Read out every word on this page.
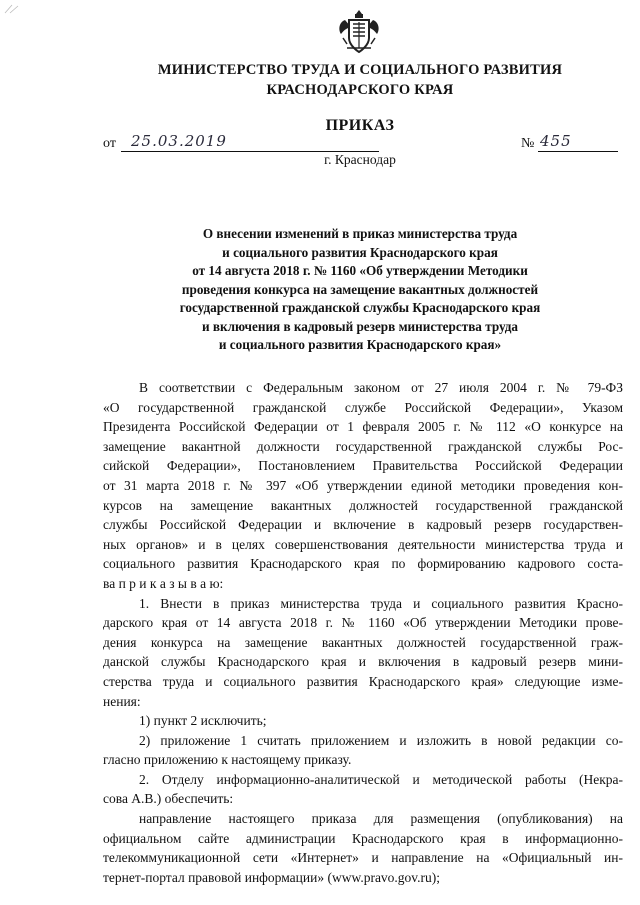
МИНИСТЕРСТВО ТРУДА И СОЦИАЛЬНОГО РАЗВИТИЯ
КРАСНОДАРСКОГО КРАЯ
ПРИКАЗ
от 25.03.2019	№ 455
г. Краснодар
О внесении изменений в приказ министерства труда
и социального развития Краснодарского края
от 14 августа 2018 г. № 1160 «Об утверждении Методики
проведения конкурса на замещение вакантных должностей
государственной гражданской службы Краснодарского края
и включения в кадровый резерв министерства труда
и социального развития Краснодарского края»
В соответствии с Федеральным законом от 27 июля 2004 г. № 79-ФЗ
«О государственной гражданской службе Российской Федерации», Указом
Президента Российской Федерации от 1 февраля 2005 г. № 112 «О конкурсе на
замещение вакантной должности государственной гражданской службы Рос-
сийской Федерации», Постановлением Правительства Российской Федерации
от 31 марта 2018 г. № 397 «Об утверждении единой методики проведения кон-
курсов на замещение вакантных должностей государственной гражданской
службы Российской Федерации и включение в кадровый резерв государствен-
ных органов» и в целях совершенствования деятельности министерства труда и
социального развития Краснодарского края по формированию кадрового соста-
ва п р и к а з ы в а ю:
1. Внести в приказ министерства труда и социального развития Красно-
дарского края от 14 августа 2018 г. № 1160 «Об утверждении Методики прове-
дения конкурса на замещение вакантных должностей государственной граж-
данской службы Краснодарского края и включения в кадровый резерв мини-
стерства труда и социального развития Краснодарского края» следующие изме-
нения:
1) пункт 2 исключить;
2) приложение 1 считать приложением и изложить в новой редакции со-
гласно приложению к настоящему приказу.
2. Отделу информационно-аналитической и методической работы (Некра-
сова А.В.) обеспечить:
направление настоящего приказа для размещения (опубликования) на
официальном сайте администрации Краснодарского края в информационно-
телекоммуникационной сети «Интернет» и направление на «Официальный ин-
тернет-портал правовой информации» (www.pravo.gov.ru);
